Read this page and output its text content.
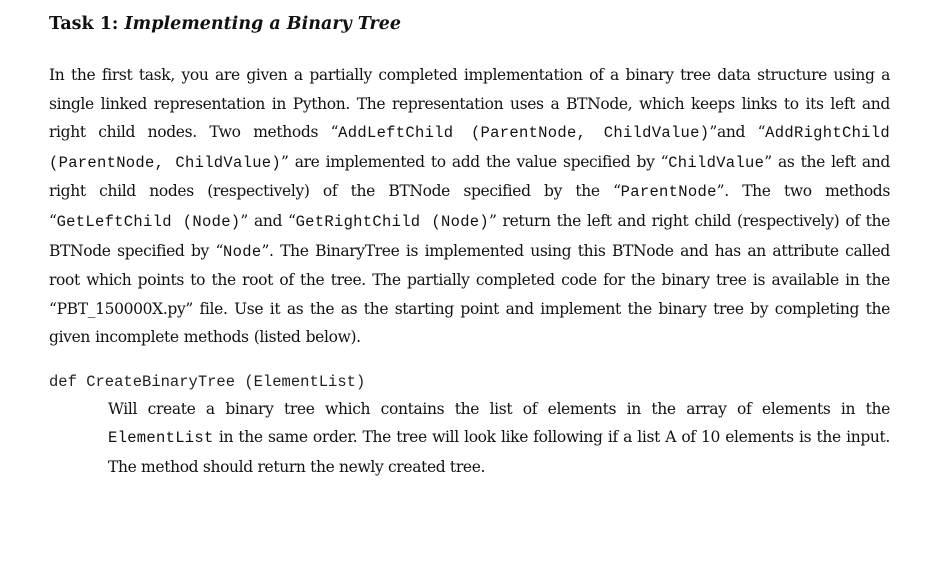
Task 1: Implementing a Binary Tree

In the first task, you are given a partially completed implementation of a binary tree data structure using a single linked representation in Python. The representation uses a BTNode, which keeps links to its left and right child nodes. Two methods “AddLeftChild (ParentNode, ChildValue)”and “AddRightChild (ParentNode, ChildValue)” are implemented to add the value specified by “ChildValue” as the left and right child nodes (respectively) of the BTNode specified by the “ParentNode”. The two methods “GetLeftChild (Node)” and “GetRightChild (Node)” return the left and right child (respectively) of the BTNode specified by “Node”. The BinaryTree is implemented using this BTNode and has an attribute called root which points to the root of the tree. The partially completed code for the binary tree is available in the “PBT_150000X.py” file. Use it as the as the starting point and implement the binary tree by completing the given incomplete methods (listed below).

def CreateBinaryTree (ElementList)

Will create a binary tree which contains the list of elements in the array of elements in the ElementList in the same order. The tree will look like following if a list A of 10 elements is the input. The method should return the newly created tree.
